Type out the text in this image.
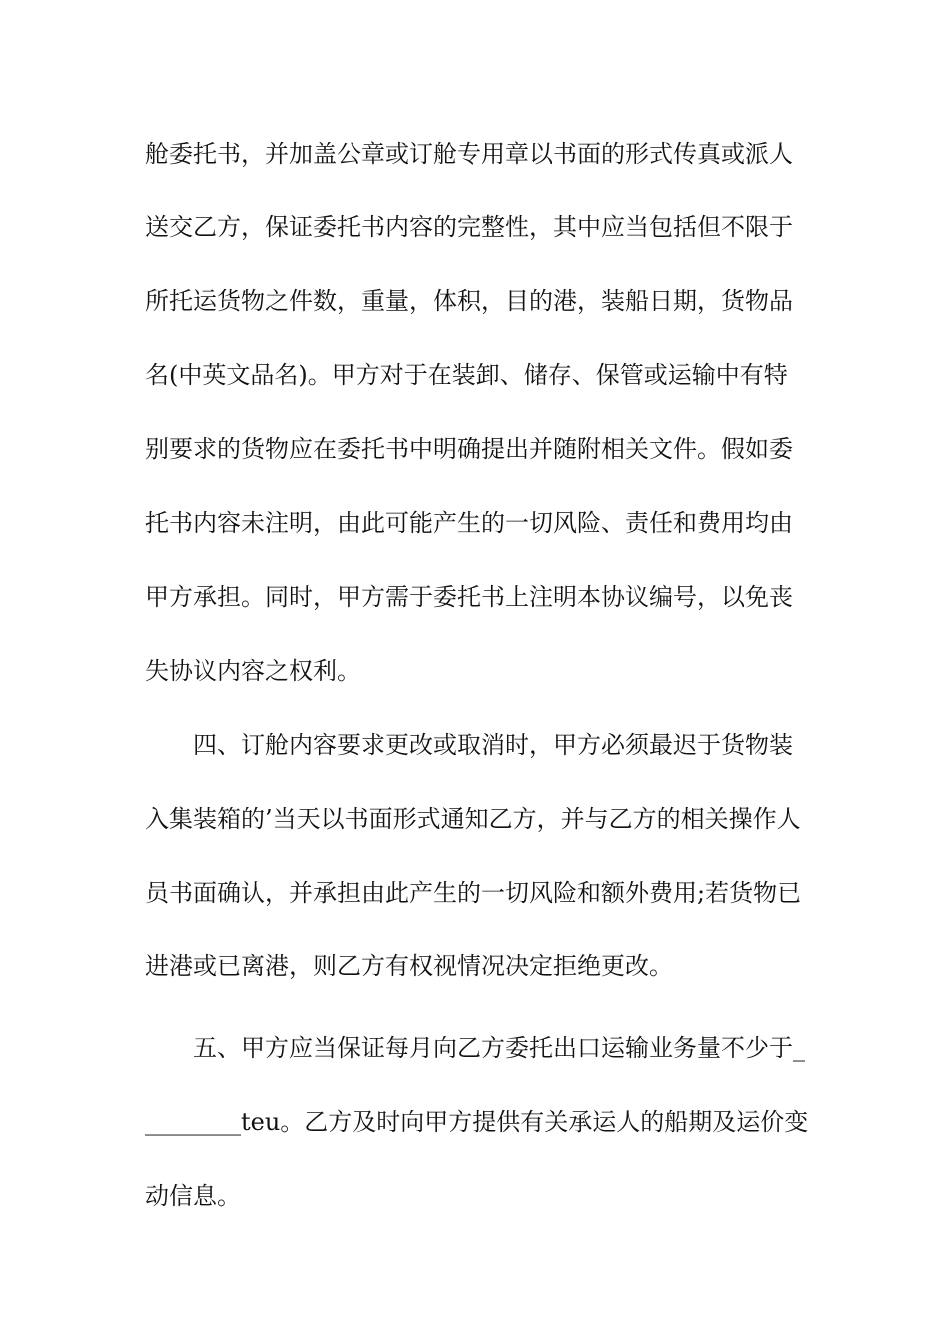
舱委托书，并加盖公章或订舱专用章以书面的形式传真或派人
送交乙方，保证委托书内容的完整性，其中应当包括但不限于
所托运货物之件数，重量，体积，目的港，装船日期，货物品
名(中英文品名)。甲方对于在装卸、储存、保管或运输中有特
别要求的货物应在委托书中明确提出并随附相关文件。假如委
托书内容未注明，由此可能产生的一切风险、责任和费用均由
甲方承担。同时，甲方需于委托书上注明本协议编号，以免丧
失协议内容之权利。
四、订舱内容要求更改或取消时，甲方必须最迟于货物装
入集装箱的’当天以书面形式通知乙方，并与乙方的相关操作人
员书面确认，并承担由此产生的一切风险和额外费用;若货物已
进港或已离港，则乙方有权视情况决定拒绝更改。
五、甲方应当保证每月向乙方委托出口运输业务量不少于_
________teu。乙方及时向甲方提供有关承运人的船期及运价变
动信息。
